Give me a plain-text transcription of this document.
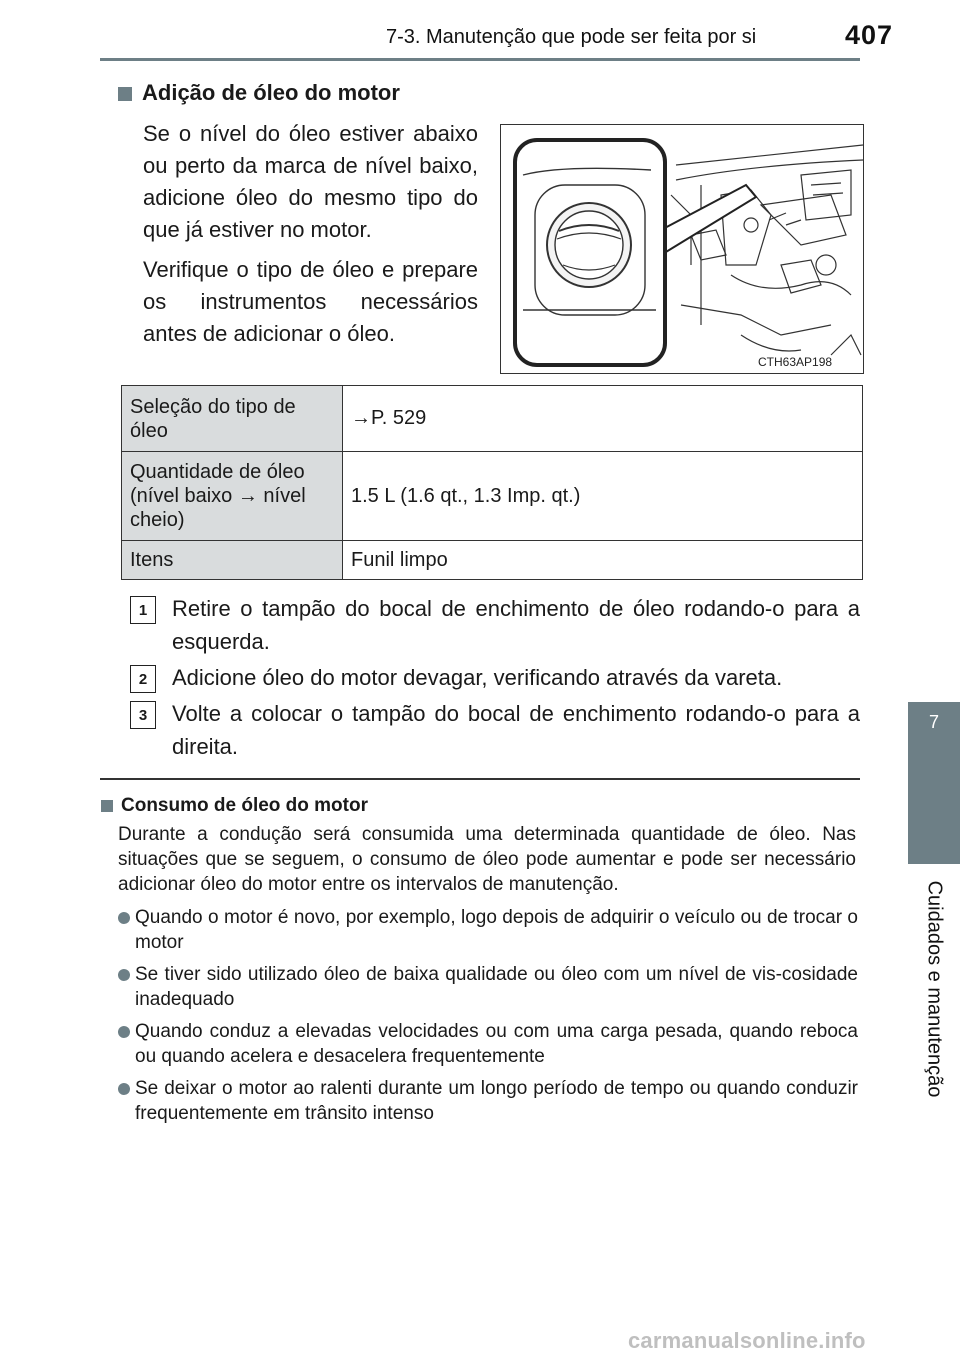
7-3. Manutenção que pode ser feita por si	407
7
Cuidados e manutenção
Adição de óleo do motor

Se o nível do óleo estiver abaixo ou perto da marca de nível baixo, adicione óleo do mesmo tipo do que já estiver no motor.

Verifique o tipo de óleo e prepare os instrumentos necessários antes de adicionar o óleo.

CTH63AP198
Seleção do tipo de óleo	→P. 529
Quantidade de óleo (nível baixo → nível cheio)	1.5 L (1.6 qt., 1.3 Imp. qt.)
Itens	Funil limpo
1	Retire o tampão do bocal de enchimento de óleo rodando-o para a esquerda.
2	Adicione óleo do motor devagar, verificando através da vareta.
3	Volte a colocar o tampão do bocal de enchimento rodando-o para a direita.
Consumo de óleo do motor
Durante a condução será consumida uma determinada quantidade de óleo. Nas situações que se seguem, o consumo de óleo pode aumentar e pode ser necessário adicionar óleo do motor entre os intervalos de manutenção.
Quando o motor é novo, por exemplo, logo depois de adquirir o veículo ou de trocar o motor
Se tiver sido utilizado óleo de baixa qualidade ou óleo com um nível de vis-cosidade inadequado
Quando conduz a elevadas velocidades ou com uma carga pesada, quando reboca ou quando acelera e desacelera frequentemente
Se deixar o motor ao ralenti durante um longo período de tempo ou quando conduzir frequentemente em trânsito intenso
carmanualsonline.info
